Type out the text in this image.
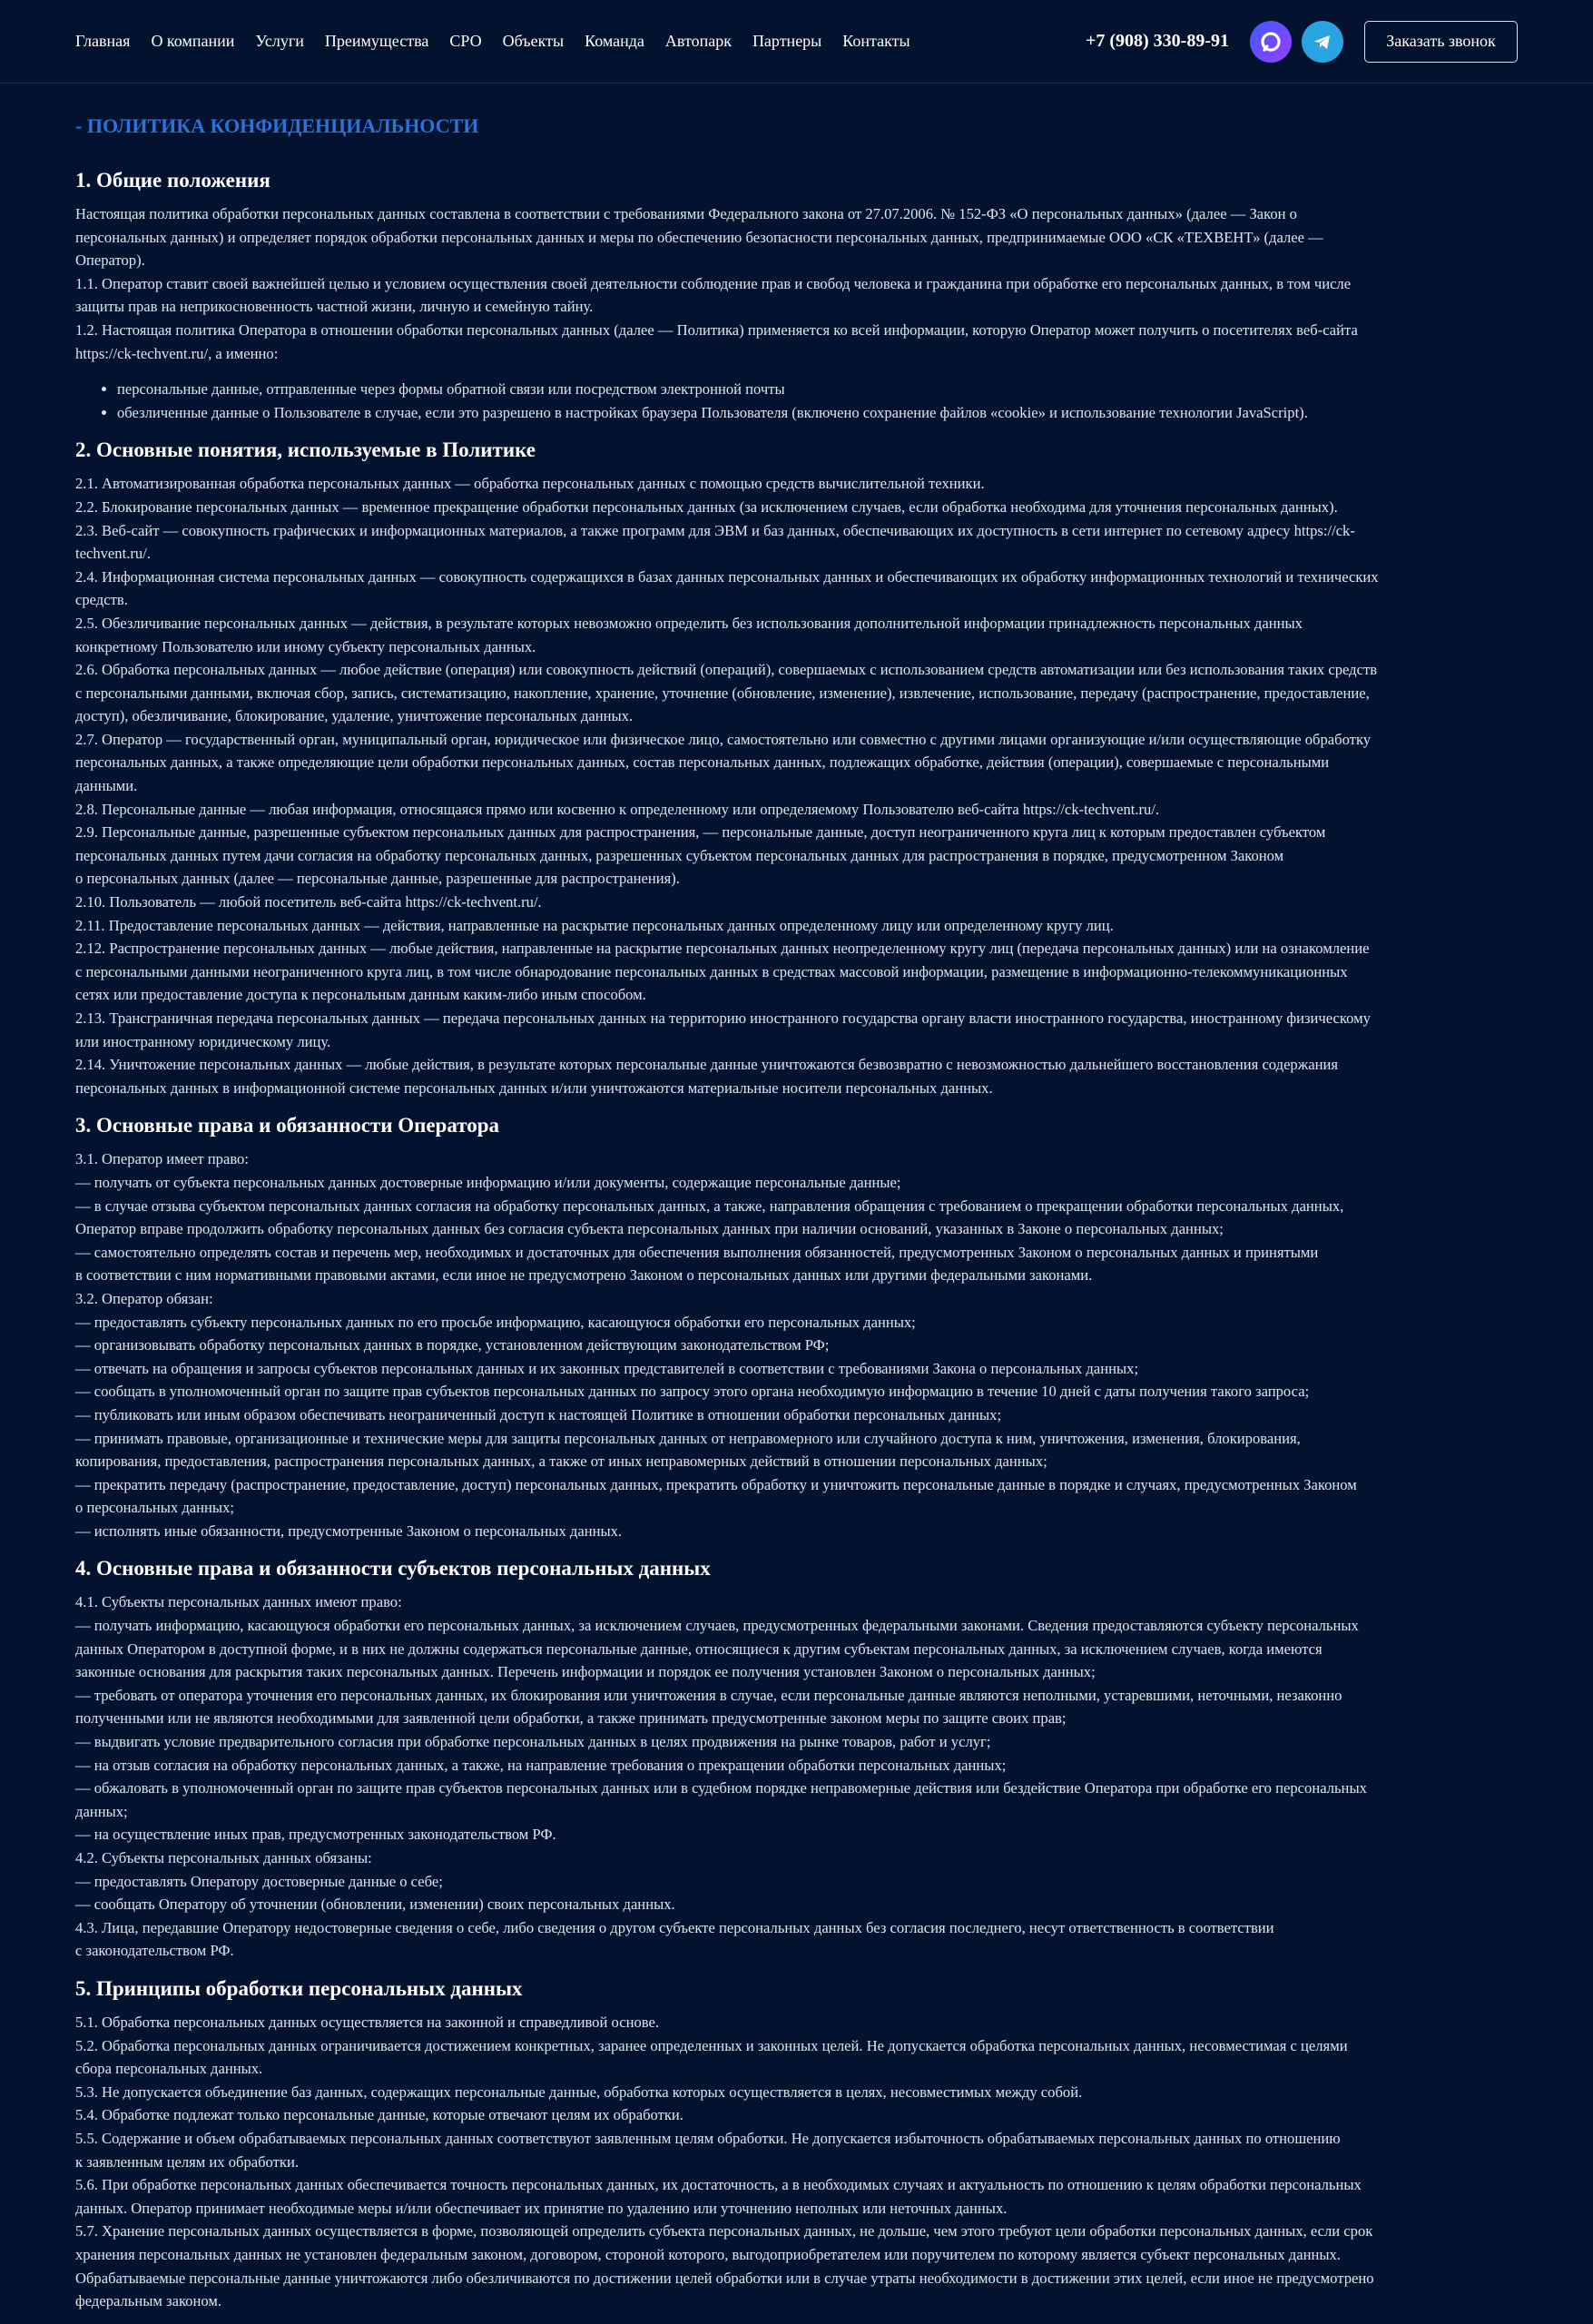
Главная О компании Услуги Преимущества СРО Объекты Команда Автопарк Партнеры Контакты	+7 (908) 330-89-91	Заказать звонок
- ПОЛИТИКА КОНФИДЕНЦИАЛЬНОСТИ
1. Общие положения

Настоящая политика обработки персональных данных составлена в соответствии с требованиями Федерального закона от 27.07.2006. № 152-ФЗ «О персональных данных» (далее — Закон о
персональных данных) и определяет порядок обработки персональных данных и меры по обеспечению безопасности персональных данных, предпринимаемые ООО «СК «ТЕХВЕНТ» (далее —
Оператор).
1.1. Оператор ставит своей важнейшей целью и условием осуществления своей деятельности соблюдение прав и свобод человека и гражданина при обработке его персональных данных, в том числе
защиты прав на неприкосновенность частной жизни, личную и семейную тайну.
1.2. Настоящая политика Оператора в отношении обработки персональных данных (далее — Политика) применяется ко всей информации, которую Оператор может получить о посетителях веб-сайта
https://ck-techvent.ru/, а именно:

• персональные данные, отправленные через формы обратной связи или посредством электронной почты
• обезличенные данные о Пользователе в случае, если это разрешено в настройках браузера Пользователя (включено сохранение файлов «cookie» и использование технологии JavaScript).
2. Основные понятия, используемые в Политике

2.1. Автоматизированная обработка персональных данных — обработка персональных данных с помощью средств вычислительной техники.
2.2. Блокирование персональных данных — временное прекращение обработки персональных данных (за исключением случаев, если обработка необходима для уточнения персональных данных).
2.3. Веб-сайт — совокупность графических и информационных материалов, а также программ для ЭВМ и баз данных, обеспечивающих их доступность в сети интернет по сетевому адресу https://ck-
techvent.ru/.
2.4. Информационная система персональных данных — совокупность содержащихся в базах данных персональных данных и обеспечивающих их обработку информационных технологий и технических
средств.
2.5. Обезличивание персональных данных — действия, в результате которых невозможно определить без использования дополнительной информации принадлежность персональных данных
конкретному Пользователю или иному субъекту персональных данных.
2.6. Обработка персональных данных — любое действие (операция) или совокупность действий (операций), совершаемых с использованием средств автоматизации или без использования таких средств
с персональными данными, включая сбор, запись, систематизацию, накопление, хранение, уточнение (обновление, изменение), извлечение, использование, передачу (распространение, предоставление,
доступ), обезличивание, блокирование, удаление, уничтожение персональных данных.
2.7. Оператор — государственный орган, муниципальный орган, юридическое или физическое лицо, самостоятельно или совместно с другими лицами организующие и/или осуществляющие обработку
персональных данных, а также определяющие цели обработки персональных данных, состав персональных данных, подлежащих обработке, действия (операции), совершаемые с персональными
данными.
2.8. Персональные данные — любая информация, относящаяся прямо или косвенно к определенному или определяемому Пользователю веб-сайта https://ck-techvent.ru/.
2.9. Персональные данные, разрешенные субъектом персональных данных для распространения, — персональные данные, доступ неограниченного круга лиц к которым предоставлен субъектом
персональных данных путем дачи согласия на обработку персональных данных, разрешенных субъектом персональных данных для распространения в порядке, предусмотренном Законом
о персональных данных (далее — персональные данные, разрешенные для распространения).
2.10. Пользователь — любой посетитель веб-сайта https://ck-techvent.ru/.
2.11. Предоставление персональных данных — действия, направленные на раскрытие персональных данных определенному лицу или определенному кругу лиц.
2.12. Распространение персональных данных — любые действия, направленные на раскрытие персональных данных неопределенному кругу лиц (передача персональных данных) или на ознакомление
с персональными данными неограниченного круга лиц, в том числе обнародование персональных данных в средствах массовой информации, размещение в информационно-телекоммуникационных
сетях или предоставление доступа к персональным данным каким-либо иным способом.
2.13. Трансграничная передача персональных данных — передача персональных данных на территорию иностранного государства органу власти иностранного государства, иностранному физическому
или иностранному юридическому лицу.
2.14. Уничтожение персональных данных — любые действия, в результате которых персональные данные уничтожаются безвозвратно с невозможностью дальнейшего восстановления содержания
персональных данных в информационной системе персональных данных и/или уничтожаются материальные носители персональных данных.

3. Основные права и обязанности Оператора

3.1. Оператор имеет право:
— получать от субъекта персональных данных достоверные информацию и/или документы, содержащие персональные данные;
— в случае отзыва субъектом персональных данных согласия на обработку персональных данных, а также, направления обращения с требованием о прекращении обработки персональных данных,
Оператор вправе продолжить обработку персональных данных без согласия субъекта персональных данных при наличии оснований, указанных в Законе о персональных данных;
— самостоятельно определять состав и перечень мер, необходимых и достаточных для обеспечения выполнения обязанностей, предусмотренных Законом о персональных данных и принятыми
в соответствии с ним нормативными правовыми актами, если иное не предусмотрено Законом о персональных данных или другими федеральными законами.
3.2. Оператор обязан:
— предоставлять субъекту персональных данных по его просьбе информацию, касающуюся обработки его персональных данных;
— организовывать обработку персональных данных в порядке, установленном действующим законодательством РФ;
— отвечать на обращения и запросы субъектов персональных данных и их законных представителей в соответствии с требованиями Закона о персональных данных;
— сообщать в уполномоченный орган по защите прав субъектов персональных данных по запросу этого органа необходимую информацию в течение 10 дней с даты получения такого запроса;
— публиковать или иным образом обеспечивать неограниченный доступ к настоящей Политике в отношении обработки персональных данных;
— принимать правовые, организационные и технические меры для защиты персональных данных от неправомерного или случайного доступа к ним, уничтожения, изменения, блокирования,
копирования, предоставления, распространения персональных данных, а также от иных неправомерных действий в отношении персональных данных;
— прекратить передачу (распространение, предоставление, доступ) персональных данных, прекратить обработку и уничтожить персональные данные в порядке и случаях, предусмотренных Законом
о персональных данных;
— исполнять иные обязанности, предусмотренные Законом о персональных данных.

4. Основные права и обязанности субъектов персональных данных

4.1. Субъекты персональных данных имеют право:
— получать информацию, касающуюся обработки его персональных данных, за исключением случаев, предусмотренных федеральными законами. Сведения предоставляются субъекту персональных
данных Оператором в доступной форме, и в них не должны содержаться персональные данные, относящиеся к другим субъектам персональных данных, за исключением случаев, когда имеются
законные основания для раскрытия таких персональных данных. Перечень информации и порядок ее получения установлен Законом о персональных данных;
— требовать от оператора уточнения его персональных данных, их блокирования или уничтожения в случае, если персональные данные являются неполными, устаревшими, неточными, незаконно
полученными или не являются необходимыми для заявленной цели обработки, а также принимать предусмотренные законом меры по защите своих прав;
— выдвигать условие предварительного согласия при обработке персональных данных в целях продвижения на рынке товаров, работ и услуг;
— на отзыв согласия на обработку персональных данных, а также, на направление требования о прекращении обработки персональных данных;
— обжаловать в уполномоченный орган по защите прав субъектов персональных данных или в судебном порядке неправомерные действия или бездействие Оператора при обработке его персональных
данных;
— на осуществление иных прав, предусмотренных законодательством РФ.
4.2. Субъекты персональных данных обязаны:
— предоставлять Оператору достоверные данные о себе;
— сообщать Оператору об уточнении (обновлении, изменении) своих персональных данных.
4.3. Лица, передавшие Оператору недостоверные сведения о себе, либо сведения о другом субъекте персональных данных без согласия последнего, несут ответственность в соответствии
с законодательством РФ.

5. Принципы обработки персональных данных

5.1. Обработка персональных данных осуществляется на законной и справедливой основе.
5.2. Обработка персональных данных ограничивается достижением конкретных, заранее определенных и законных целей. Не допускается обработка персональных данных, несовместимая с целями
сбора персональных данных.
5.3. Не допускается объединение баз данных, содержащих персональные данные, обработка которых осуществляется в целях, несовместимых между собой.
5.4. Обработке подлежат только персональные данные, которые отвечают целям их обработки.
5.5. Содержание и объем обрабатываемых персональных данных соответствуют заявленным целям обработки. Не допускается избыточность обрабатываемых персональных данных по отношению
к заявленным целям их обработки.
5.6. При обработке персональных данных обеспечивается точность персональных данных, их достаточность, а в необходимых случаях и актуальность по отношению к целям обработки персональных
данных. Оператор принимает необходимые меры и/или обеспечивает их принятие по удалению или уточнению неполных или неточных данных.
5.7. Хранение персональных данных осуществляется в форме, позволяющей определить субъекта персональных данных, не дольше, чем этого требуют цели обработки персональных данных, если срок
хранения персональных данных не установлен федеральным законом, договором, стороной которого, выгодоприобретателем или поручителем по которому является субъект персональных данных.
Обрабатываемые персональные данные уничтожаются либо обезличиваются по достижении целей обработки или в случае утраты необходимости в достижении этих целей, если иное не предусмотрено
федеральным законом.
